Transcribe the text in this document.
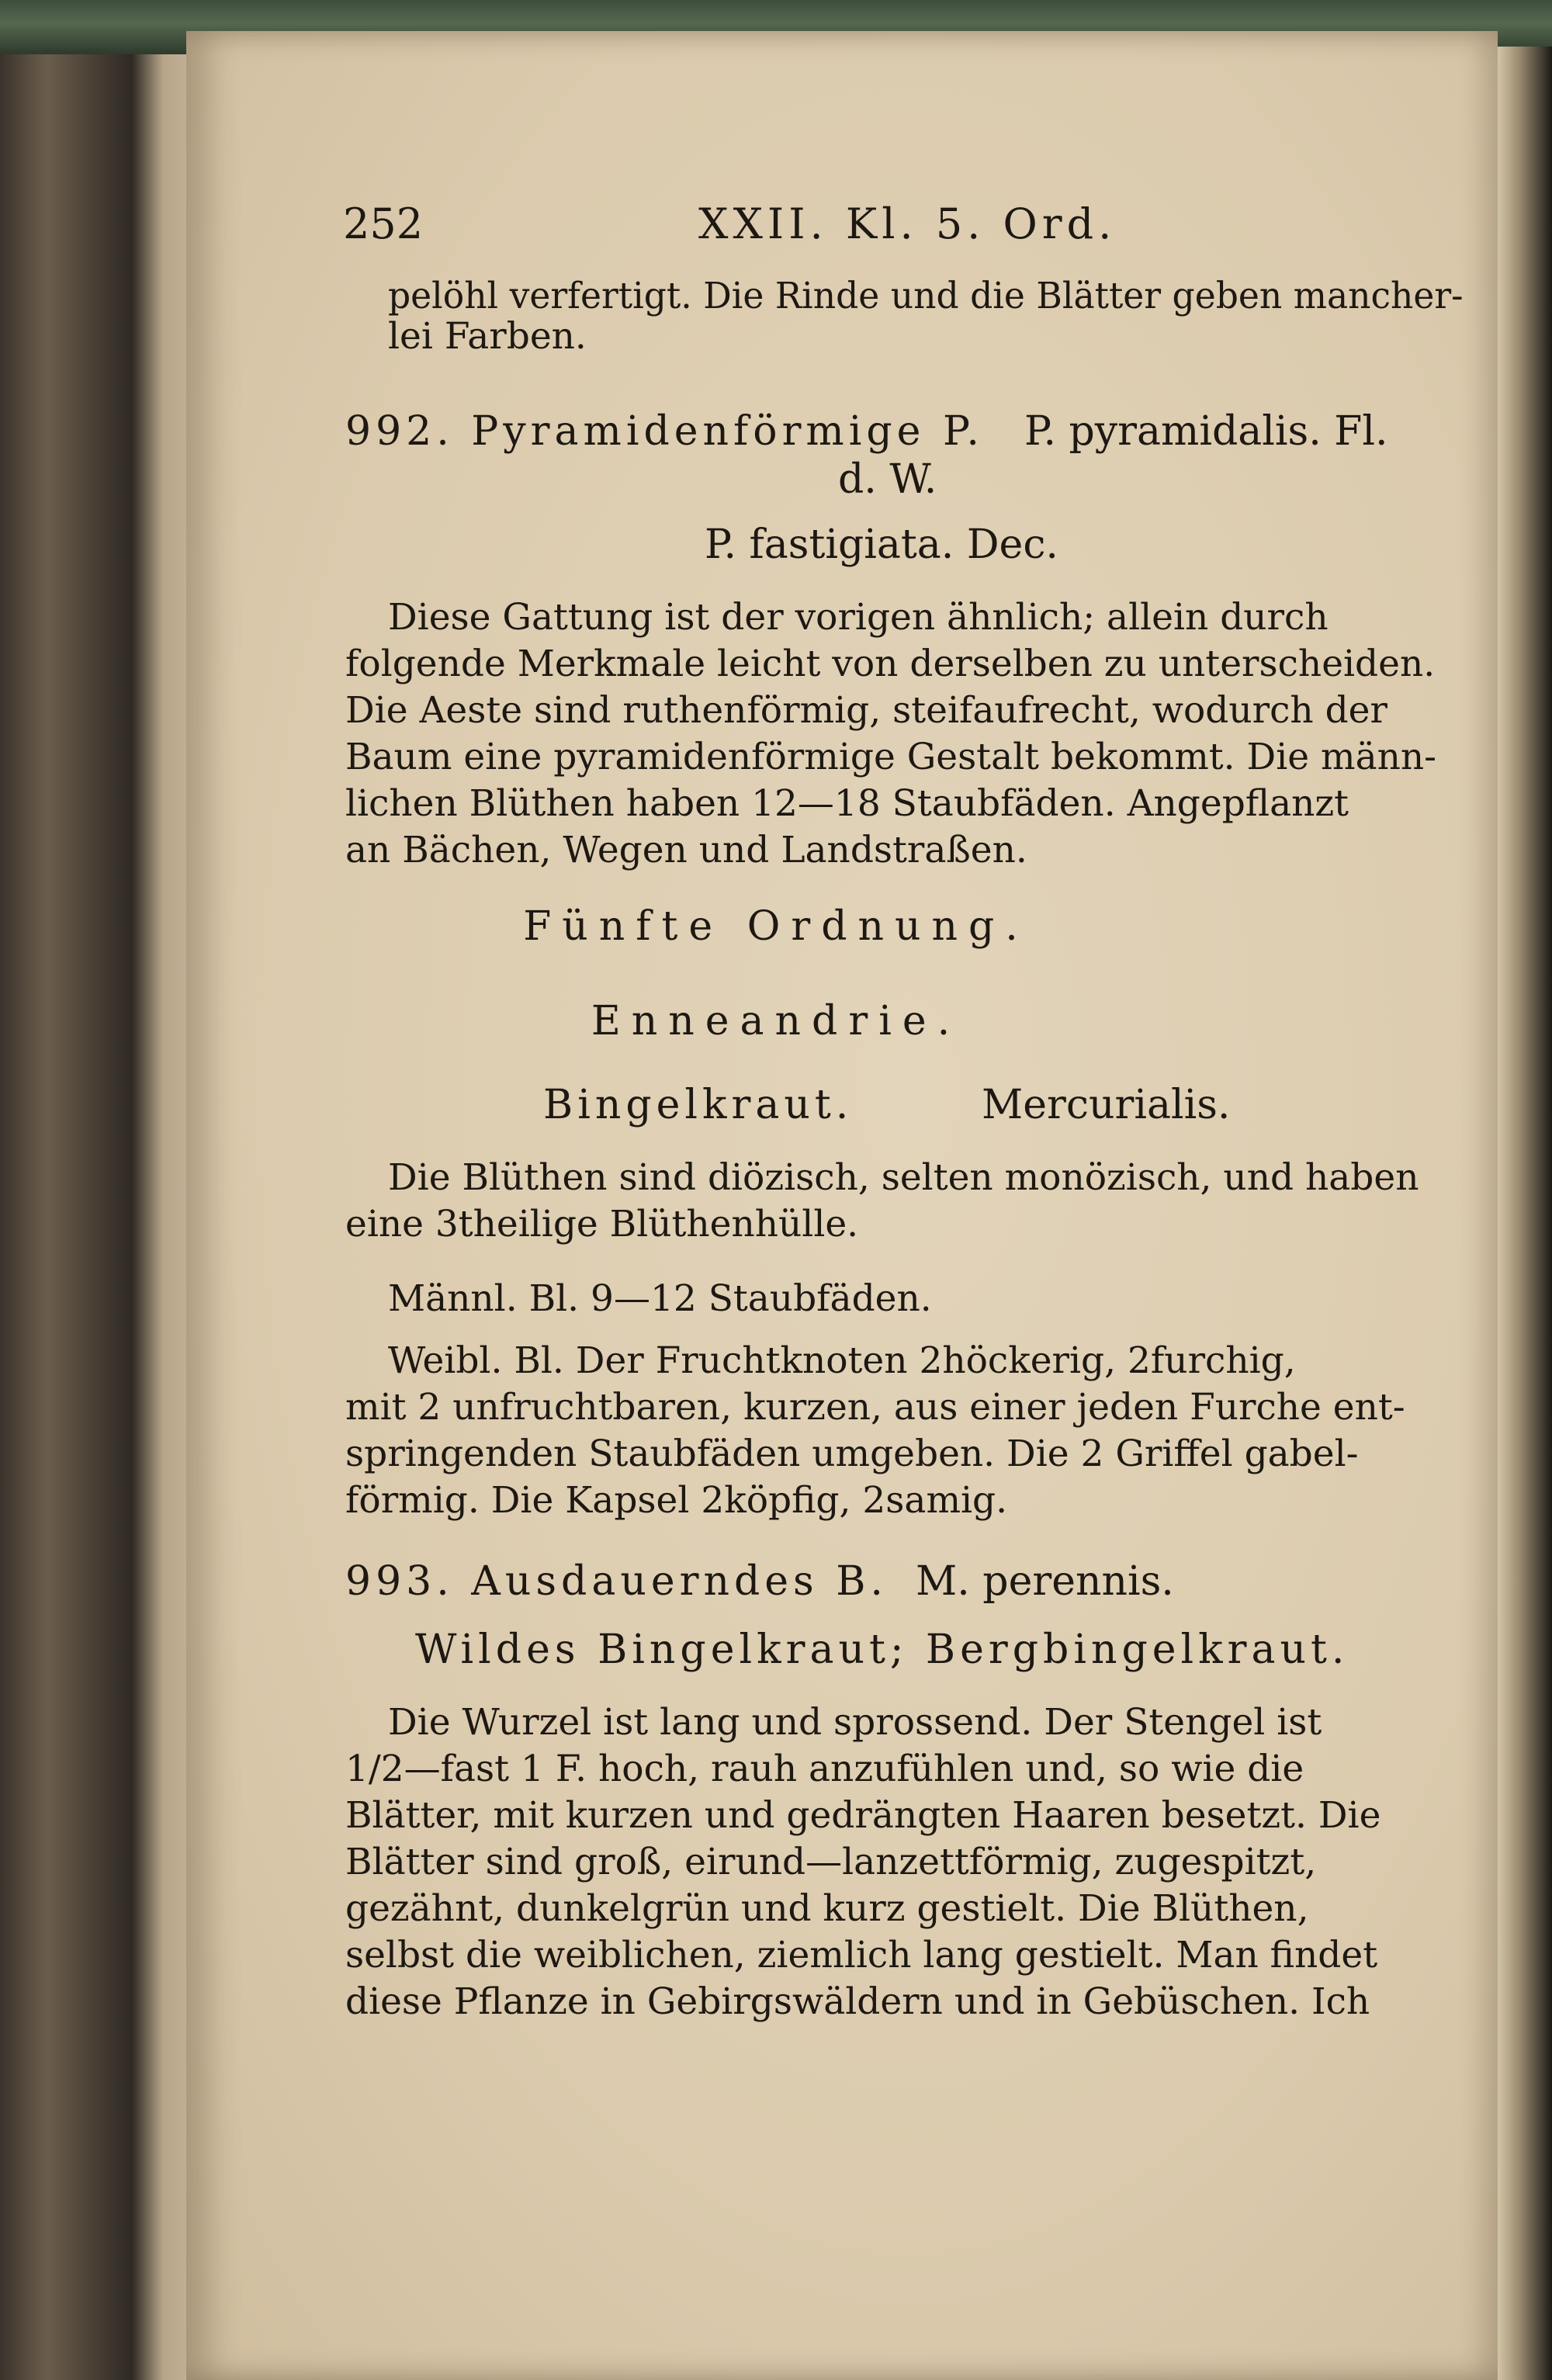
252	XXII. Kl. 5. Ord.
pelöhl verfertigt. Die Rinde und die Blätter geben mancher-
lei Farben.
992. Pyramidenförmige P. P. pyramidalis. Fl.
d. W.
P. fastigiata. Dec.
Diese Gattung ist der vorigen ähnlich; allein durch
folgende Merkmale leicht von derselben zu unterscheiden.
Die Aeste sind ruthenförmig, steifaufrecht, wodurch der
Baum eine pyramidenförmige Gestalt bekommt. Die männ-
lichen Blüthen haben 12—18 Staubfäden. Angepflanzt
an Bächen, Wegen und Landstraßen.
Fünfte Ordnung.
Enneandrie.
Bingelkraut.	Mercurialis.
Die Blüthen sind diözisch, selten monözisch, und haben
eine 3theilige Blüthenhülle.
Männl. Bl. 9—12 Staubfäden.
Weibl. Bl. Der Fruchtknoten 2höckerig, 2furchig,
mit 2 unfruchtbaren, kurzen, aus einer jeden Furche ent-
springenden Staubfäden umgeben. Die 2 Griffel gabel-
förmig. Die Kapsel 2köpfig, 2samig.
993. Ausdauerndes B. M. perennis.
Wildes Bingelkraut; Bergbingelkraut.
Die Wurzel ist lang und sprossend. Der Stengel ist
1/2—fast 1 F. hoch, rauh anzufühlen und, so wie die
Blätter, mit kurzen und gedrängten Haaren besetzt. Die
Blätter sind groß, eirund—lanzettförmig, zugespitzt,
gezähnt, dunkelgrün und kurz gestielt. Die Blüthen,
selbst die weiblichen, ziemlich lang gestielt. Man findet
diese Pflanze in Gebirgswäldern und in Gebüschen. Ich
